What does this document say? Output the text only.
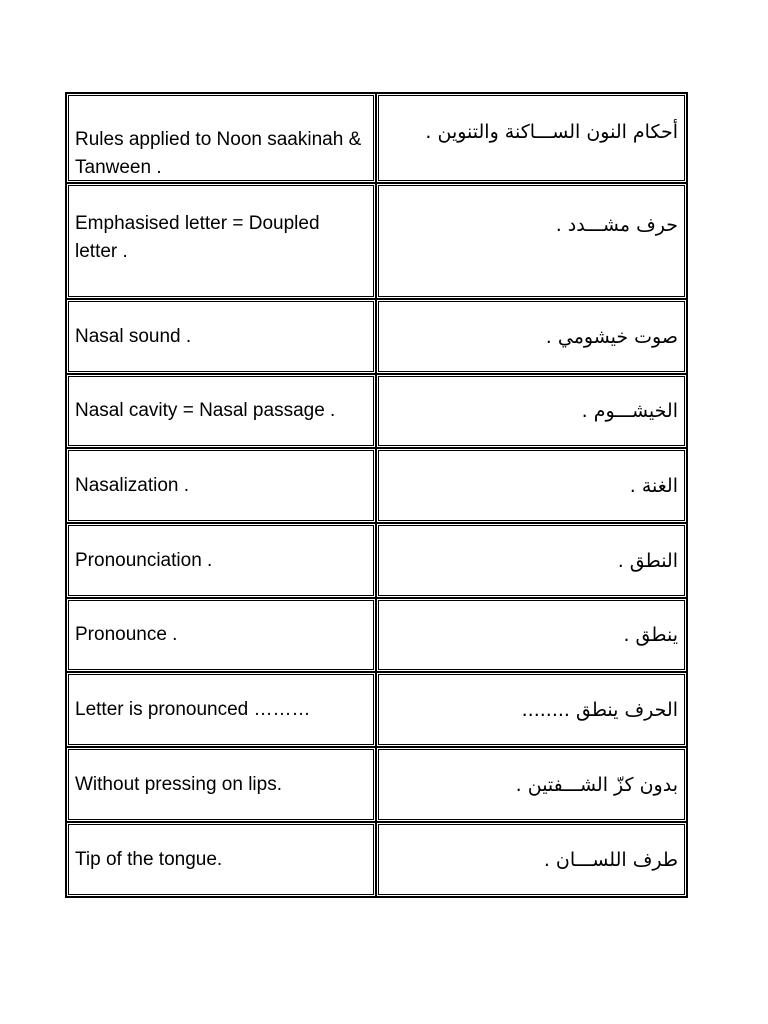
Rules applied to Noon saakinah & Tanween .	أحكام النون الســـاكنة والتنوين .
Emphasised letter = Doupled letter .	حرف مشـــدد .
Nasal sound .	صوت خيشومي .
Nasal cavity = Nasal passage .	الخيشـــوم .
Nasalization .	الغنة .
Pronounciation .	النطق .
Pronounce .	ينطق .
Letter is pronounced ………	الحرف ينطق ........
Without pressing on lips.	بدون كزّ الشـــفتين .
Tip of the tongue.	طرف اللســـان .
